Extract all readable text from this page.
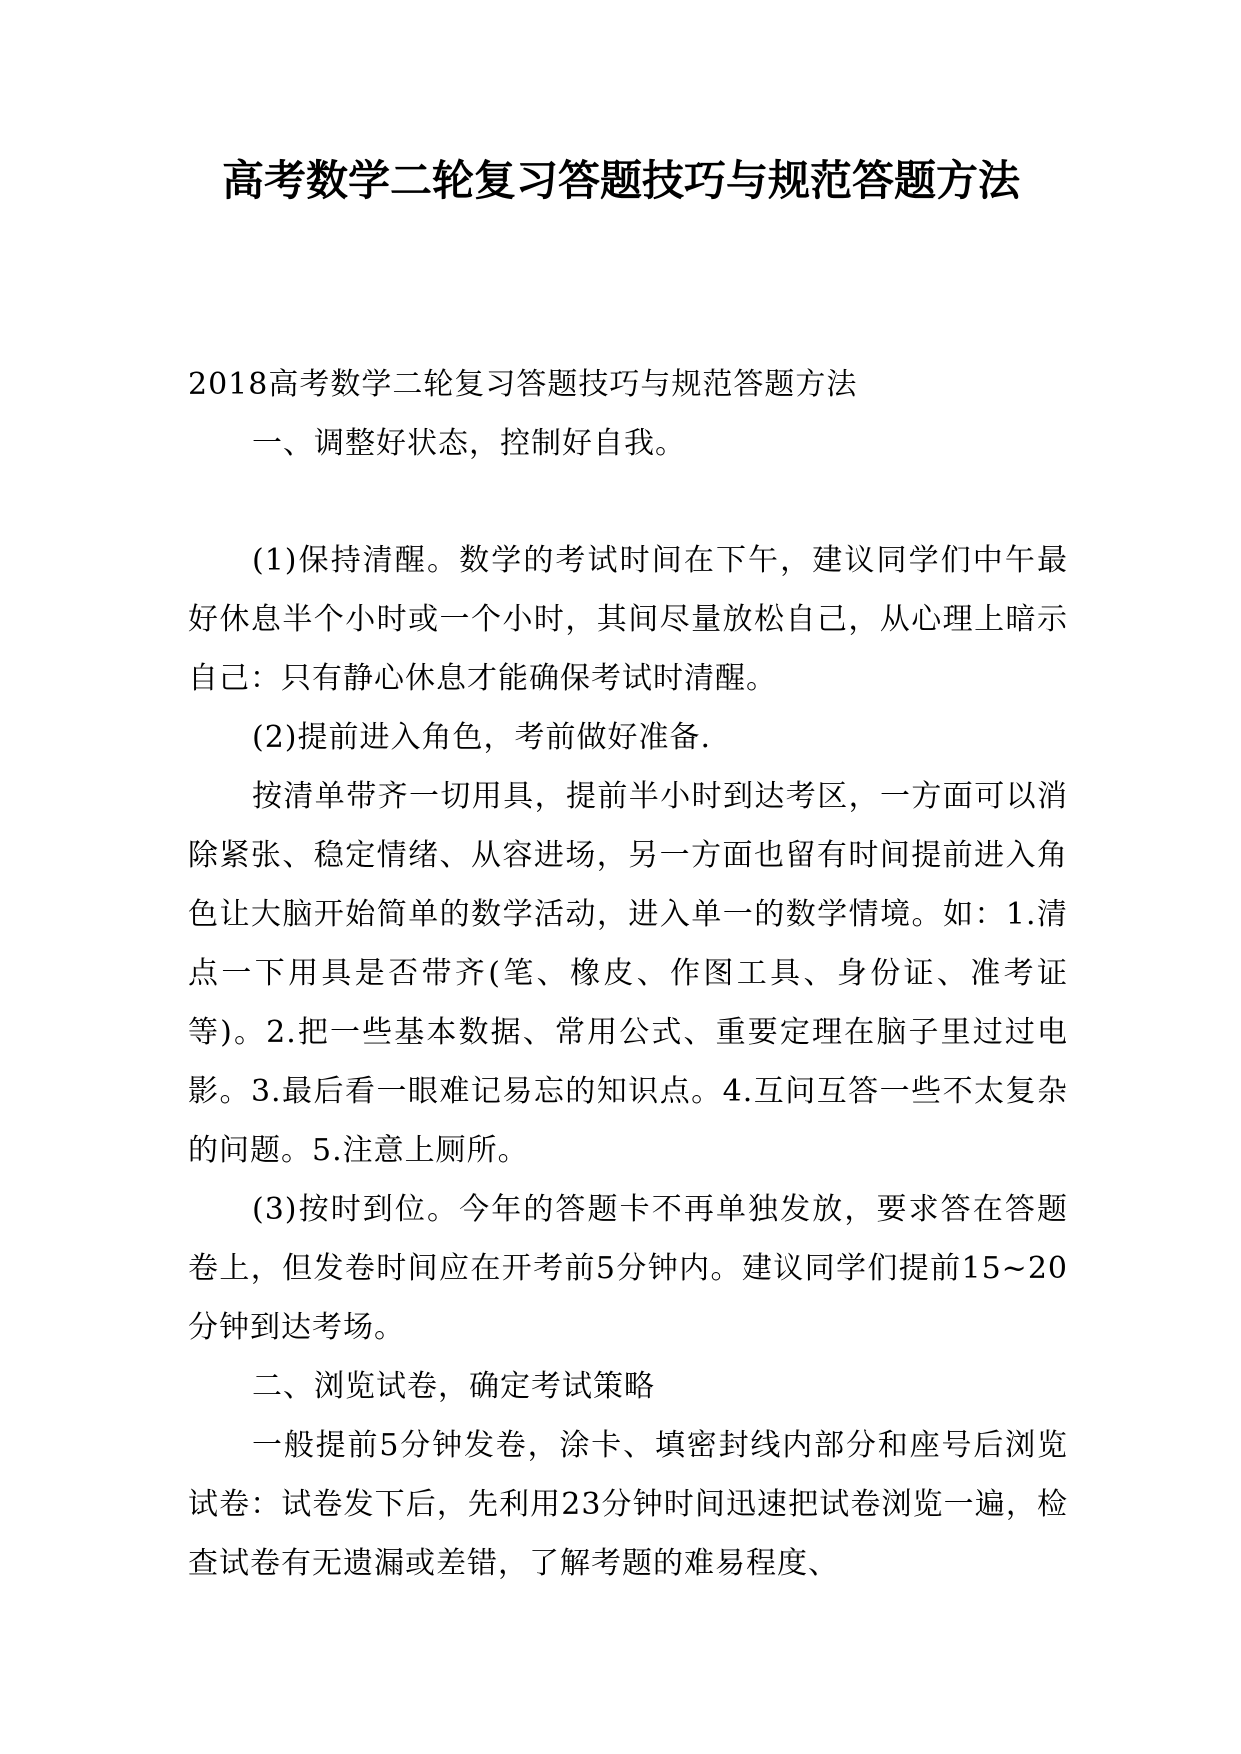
高考数学二轮复习答题技巧与规范答题方法

2018高考数学二轮复习答题技巧与规范答题方法

一、调整好状态，控制好自我。

(1)保持清醒。数学的考试时间在下午，建议同学们中午最好休息半个小时或一个小时，其间尽量放松自己，从心理上暗示自己：只有静心休息才能确保考试时清醒。

(2)提前进入角色，考前做好准备.

按清单带齐一切用具，提前半小时到达考区，一方面可以消除紧张、稳定情绪、从容进场，另一方面也留有时间提前进入角色让大脑开始简单的数学活动，进入单一的数学情境。如：1.清点一下用具是否带齐(笔、橡皮、作图工具、身份证、准考证等)。2.把一些基本数据、常用公式、重要定理在脑子里过过电影。3.最后看一眼难记易忘的知识点。4.互问互答一些不太复杂的问题。5.注意上厕所。

(3)按时到位。今年的答题卡不再单独发放，要求答在答题卷上，但发卷时间应在开考前5分钟内。建议同学们提前15~20分钟到达考场。

二、浏览试卷，确定考试策略

一般提前5分钟发卷，涂卡、填密封线内部分和座号后浏览试卷：试卷发下后，先利用23分钟时间迅速把试卷浏览一遍，检查试卷有无遗漏或差错，了解考题的难易程度、
